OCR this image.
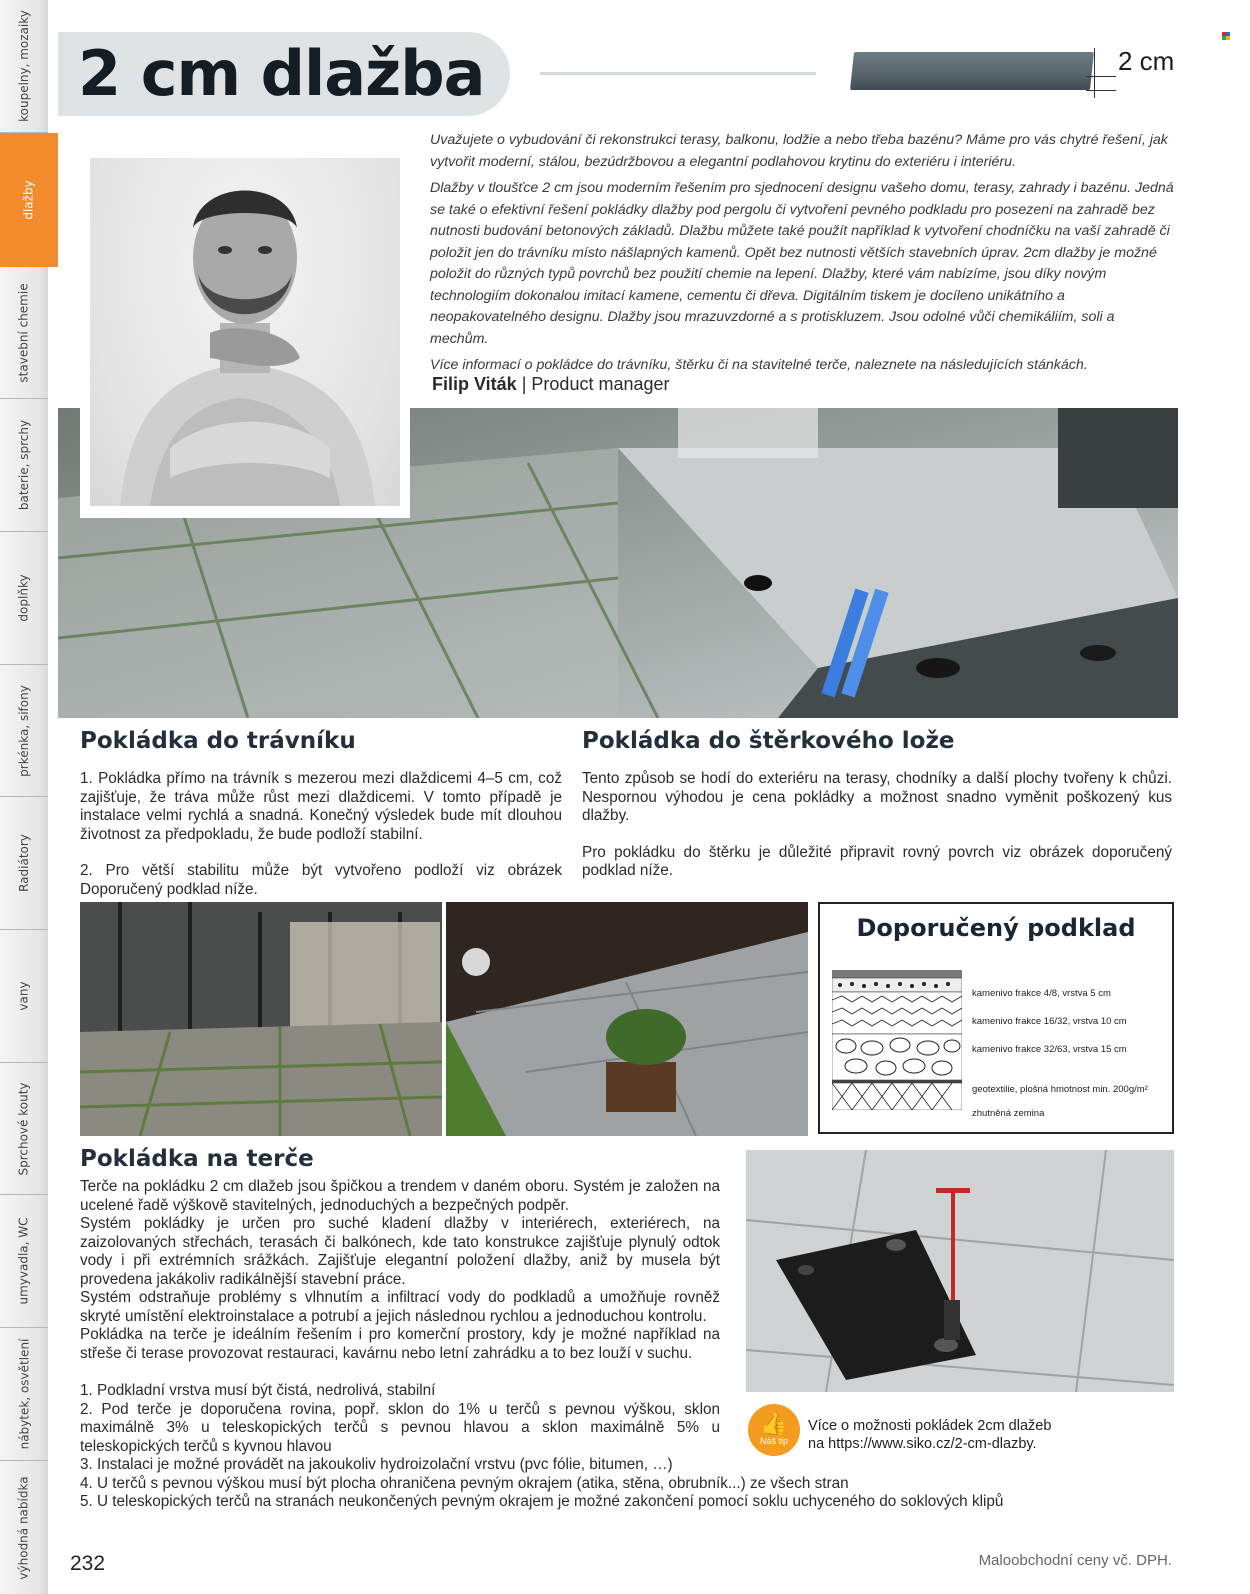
koupelny, mozaiky
dlažby
stavební chemie
baterie, sprchy
doplňky
prkénka, sifony
Radiátory
vany
Sprchové kouty
umyvadla, WC
nábytek, osvětlení
výhodná nabídka
2 cm dlažba	2 cm

Uvažujete o vybudování či rekonstrukci terasy, balkonu, lodžie a nebo třeba bazénu? Máme pro vás chytré řešení, jak vytvořit moderní, stálou, bezúdržbovou a elegantní podlahovou krytinu do exteriéru i interiéru.

Dlažby v tloušťce 2 cm jsou moderním řešením pro sjednocení designu vašeho domu, terasy, zahrady i bazénu. Jedná se také o efektivní řešení pokládky dlažby pod pergolu či vytvoření pevného podkladu pro posezení na zahradě bez nutnosti budování betonových základů. Dlažbu můžete také použít například k vytvoření chodníčku na vaší zahradě či položit jen do trávníku místo nášlapných kamenů. Opět bez nutnosti větších stavebních úprav. 2cm dlažby je možné položit do různých typů povrchů bez použití chemie na lepení. Dlažby, které vám nabízíme, jsou díky novým technologiím dokonalou imitací kamene, cementu či dřeva. Digitálním tiskem je docíleno unikátního a neopakovatelného designu. Dlažby jsou mrazuvzdorné a s protiskluzem. Jsou odolné vůči chemikáliím, soli a mechům.

Více informací o pokládce do trávníku, štěrku či na stavitelné terče, naleznete na následujících stánkách.

Filip Viták | Product manager
Pokládka do trávníku

1. Pokládka přímo na trávník s mezerou mezi dlaždicemi 4–5 cm, což zajišťuje, že tráva může růst mezi dlaždicemi. V tomto případě je instalace velmi rychlá a snadná. Konečný výsledek bude mít dlouhou životnost za předpokladu, že bude podloží stabilní.

2. Pro větší stabilitu může být vytvořeno podloží viz obrázek Doporučený podklad níže.

Pokládka do štěrkového lože

Tento způsob se hodí do exteriéru na terasy, chodníky a další plochy tvořeny k chůzi. Nespornou výhodou je cena pokládky a možnost snadno vyměnit poškozený kus dlažby.

Pro pokládku do štěrku je důležité připravit rovný povrch viz obrázek doporučený podklad níže.

Doporučený podklad
kamenivo frakce 4/8, vrstva 5 cm
kamenivo frakce 16/32, vrstva 10 cm
kamenivo frakce 32/63, vrstva 15 cm
geotextilie, plošná hmotnost min. 200g/m²
zhutněná zemina
Pokládka na terče

Terče na pokládku 2 cm dlažeb jsou špičkou a trendem v daném oboru. Systém je založen na ucelené řadě výškově stavitelných, jednoduchých a bezpečných podpěr.

Systém pokládky je určen pro suché kladení dlažby v interiérech, exteriérech, na zaizolovaných střechách, terasách či balkónech, kde tato konstrukce zajišťuje plynulý odtok vody i při extrémních srážkách. Zajišťuje elegantní položení dlažby, aniž by musela být provedena jakákoliv radikálnější stavební práce.

Systém odstraňuje problémy s vlhnutím a infiltrací vody do podkladů a umožňuje rovněž skryté umístění elektroinstalace a potrubí a jejich následnou rychlou a jednoduchou kontrolu.

Pokládka na terče je ideálním řešením i pro komerční prostory, kdy je možné například na střeše či terase provozovat restauraci, kavárnu nebo letní zahrádku a to bez louží v suchu.

1. Podkladní vrstva musí být čistá, nedrolivá, stabilní

2. Pod terče je doporučena rovina, popř. sklon do 1% u terčů s pevnou výškou, sklon maximálně 3% u teleskopických terčů s pevnou hlavou a sklon maximálně 5% u teleskopických terčů s kyvnou hlavou

3. Instalaci je možné provádět na jakoukoliv hydroizolační vrstvu (pvc fólie, bitumen, …)

4. U terčů s pevnou výškou musí být plocha ohraničena pevným okrajem (atika, stěna, obrubník...) ze všech stran

5. U teleskopických terčů na stranách neukončených pevným okrajem je možné zakončení pomocí soklu uchyceného do soklových klipů

👍
Náš tip
Více o možnosti pokládek 2cm dlažeb
na https://www.siko.cz/2-cm-dlazby.
232	Maloobchodní ceny vč. DPH.
